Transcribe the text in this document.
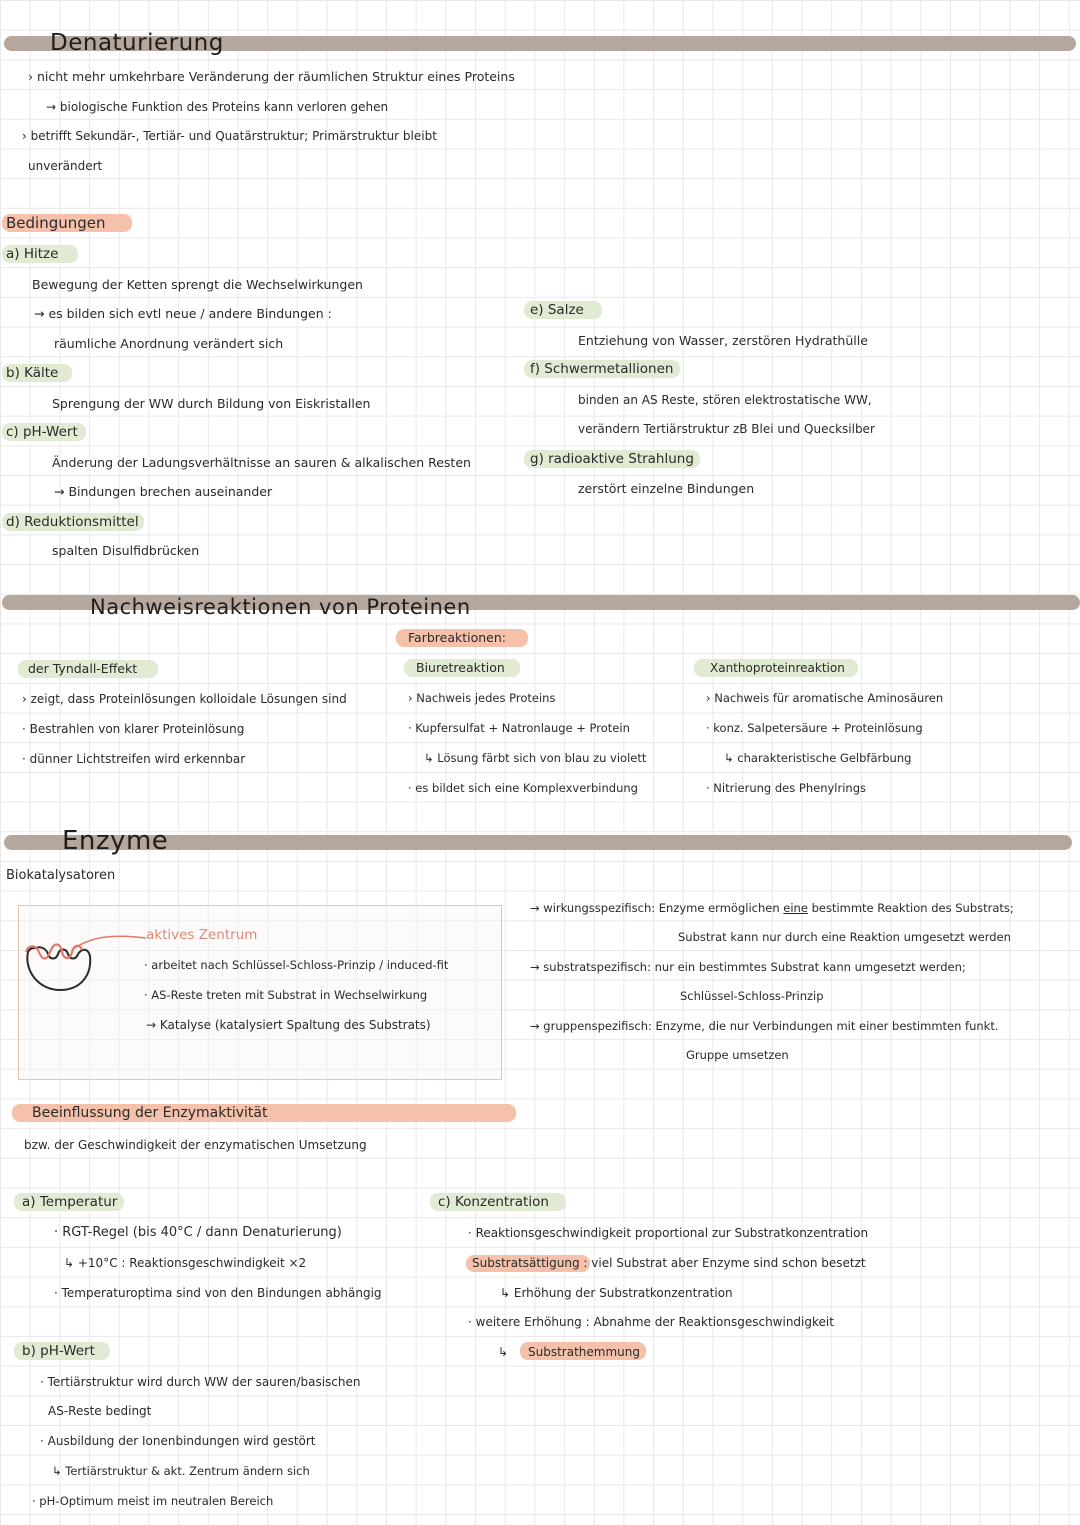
Denaturierung
› nicht mehr umkehrbare Veränderung der räumlichen Struktur eines Proteins
→ biologische Funktion des Proteins kann verloren gehen
› betrifft Sekundär-, Tertiär- und Quatärstruktur; Primärstruktur bleibt
unverändert
Bedingungen
a) Hitze
Bewegung der Ketten sprengt die Wechselwirkungen
→ es bilden sich evtl neue / andere Bindungen :
räumliche Anordnung verändert sich
b) Kälte
Sprengung der WW durch Bildung von Eiskristallen
c) pH-Wert
Änderung der Ladungsverhältnisse an sauren & alkalischen Resten
→ Bindungen brechen auseinander
d) Reduktionsmittel
spalten Disulfidbrücken
e) Salze
Entziehung von Wasser, zerstören Hydrathülle
f) Schwermetallionen
binden an AS Reste, stören elektrostatische WW,
verändern Tertiärstruktur zB Blei und Quecksilber
g) radioaktive Strahlung
zerstört einzelne Bindungen
Nachweisreaktionen von Proteinen
Farbreaktionen:
der Tyndall-Effekt
› zeigt, dass Proteinlösungen kolloidale Lösungen sind
· Bestrahlen von klarer Proteinlösung
· dünner Lichtstreifen wird erkennbar
Biuretreaktion
› Nachweis jedes Proteins
· Kupfersulfat + Natronlauge + Protein
↳ Lösung färbt sich von blau zu violett
· es bildet sich eine Komplexverbindung
Xanthoproteinreaktion
› Nachweis für aromatische Aminosäuren
· konz. Salpetersäure + Proteinlösung
↳ charakteristische Gelbfärbung
· Nitrierung des Phenylrings
Enzyme
Biokatalysatoren
aktives Zentrum
· arbeitet nach Schlüssel-Schloss-Prinzip / induced-fit
· AS-Reste treten mit Substrat in Wechselwirkung
→ Katalyse (katalysiert Spaltung des Substrats)
→ wirkungsspezifisch: Enzyme ermöglichen eine bestimmte Reaktion des Substrats;
Substrat kann nur durch eine Reaktion umgesetzt werden
→ substratspezifisch: nur ein bestimmtes Substrat kann umgesetzt werden;
Schlüssel-Schloss-Prinzip
→ gruppenspezifisch: Enzyme, die nur Verbindungen mit einer bestimmten funkt.
Gruppe umsetzen
Beeinflussung der Enzymaktivität
bzw. der Geschwindigkeit der enzymatischen Umsetzung
a) Temperatur
· RGT-Regel (bis 40°C / dann Denaturierung)
↳ +10°C : Reaktionsgeschwindigkeit ×2
· Temperaturoptima sind von den Bindungen abhängig
b) pH-Wert
· Tertiärstruktur wird durch WW der sauren/basischen
AS-Reste bedingt
· Ausbildung der Ionenbindungen wird gestört
↳ Tertiärstruktur & akt. Zentrum ändern sich
· pH-Optimum meist im neutralen Bereich
c) Konzentration
· Reaktionsgeschwindigkeit proportional zur Substratkonzentration
Substratsättigung : viel Substrat aber Enzyme sind schon besetzt
↳ Erhöhung der Substratkonzentration
· weitere Erhöhung : Abnahme der Reaktionsgeschwindigkeit
↳	Substrathemmung
